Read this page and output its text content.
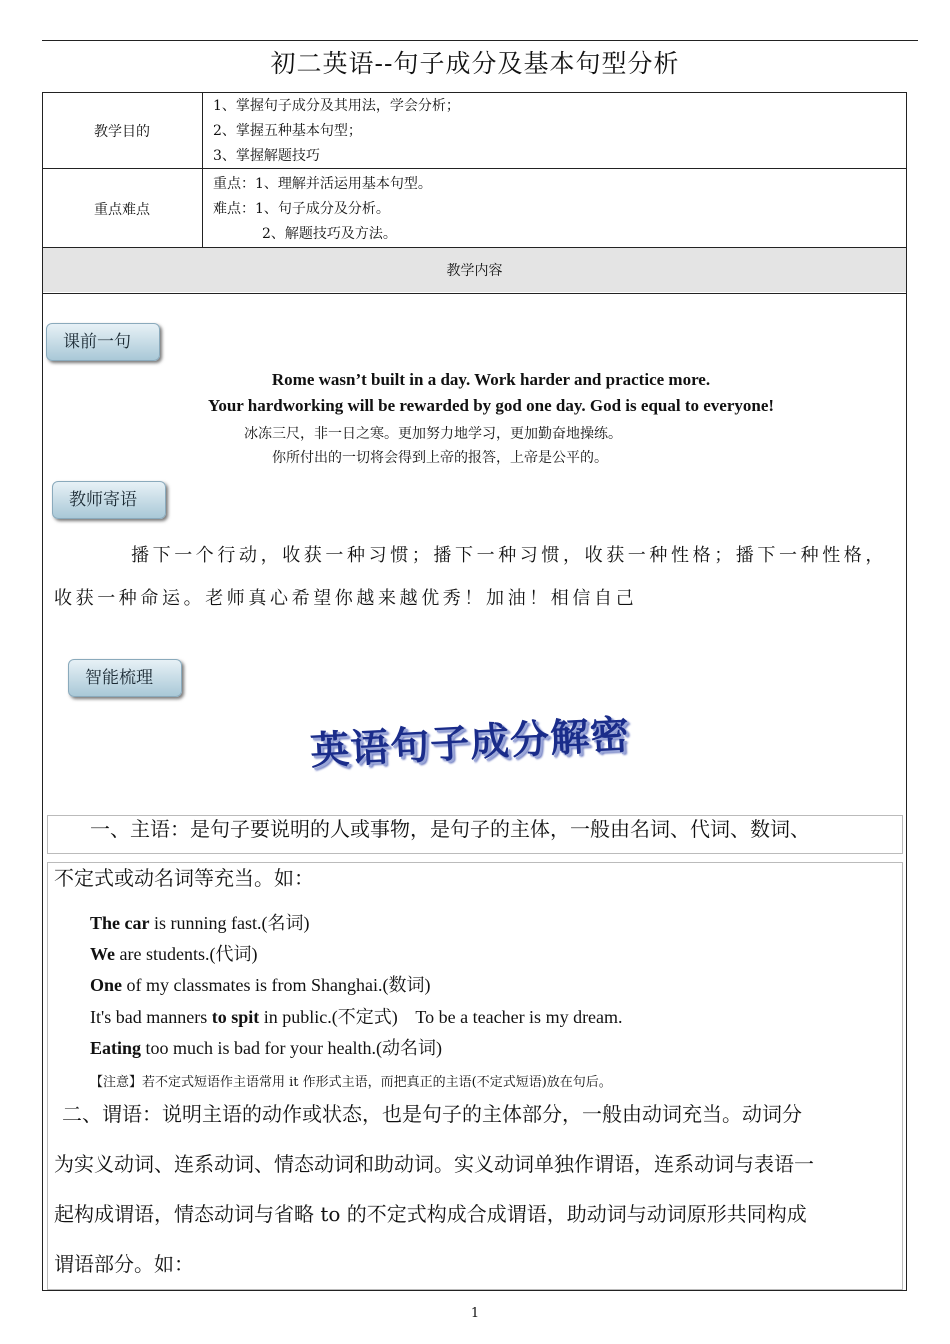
初二英语--句子成分及基本句型分析
教学目的
1、掌握句子成分及其用法，学会分析；
2、掌握五种基本句型；
3、掌握解题技巧
重点难点
重点：1、理解并活运用基本句型。
难点：1、句子成分及分析。
2、解题技巧及方法。
教学内容
课前一句
Rome wasn’t built in a day. Work harder and practice more.
Your hardworking will be rewarded by god one day. God is equal to everyone!
冰冻三尺，非一日之寒。更加努力地学习，更加勤奋地操练。
你所付出的一切将会得到上帝的报答，上帝是公平的。
教师寄语
播下一个行动，收获一种习惯；播下一种习惯，收获一种性格；播下一种性格，
收获一种命运。老师真心希望你越来越优秀！加油！相信自己
智能梳理
英语句子成分解密
一、主语：是句子要说明的人或事物，是句子的主体，一般由名词、代词、数词、
不定式或动名词等充当。如：
The car is running fast.(名词)
We are students.(代词)
One of my classmates is from Shanghai.(数词)
It's bad manners to spit in public.(不定式)    To be a teacher is my dream.
Eating too much is bad for your health.(动名词)
【注意】若不定式短语作主语常用 it 作形式主语，而把真正的主语(不定式短语)放在句后。
二、谓语：说明主语的动作或状态，也是句子的主体部分，一般由动词充当。动词分
为实义动词、连系动词、情态动词和助动词。实义动词单独作谓语，连系动词与表语一
起构成谓语，情态动词与省略 to 的不定式构成合成谓语，助动词与动词原形共同构成
谓语部分。如：
1
